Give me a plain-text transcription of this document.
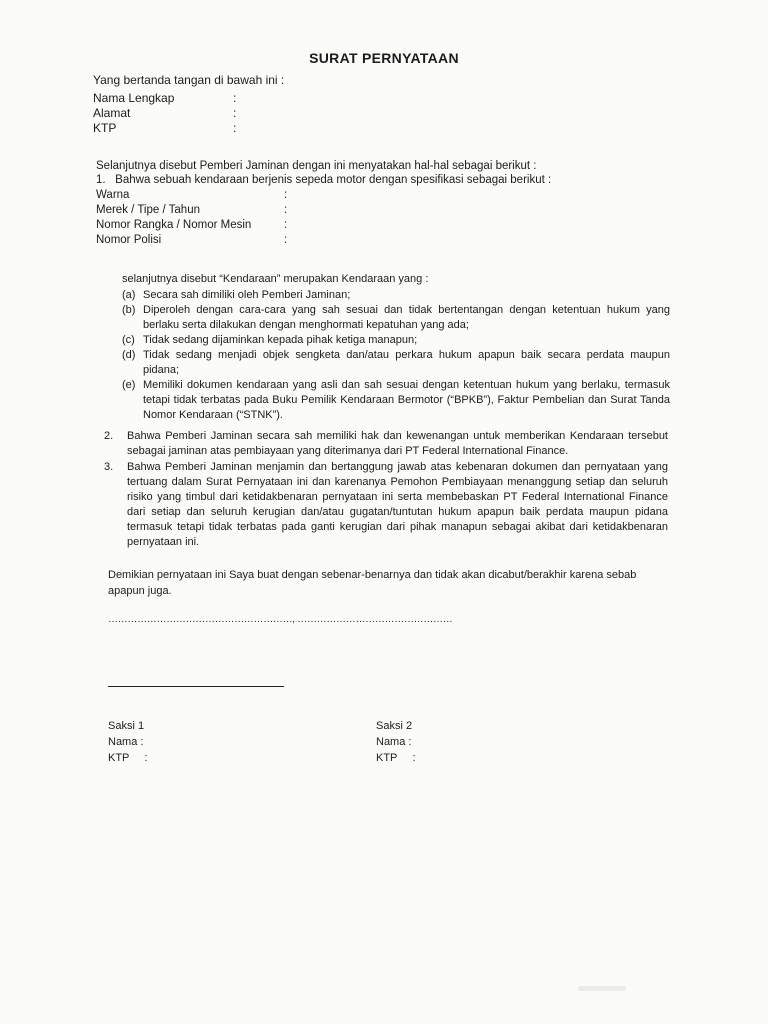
SURAT PERNYATAAN
Yang bertanda tangan di bawah ini :
Nama Lengkap	:
Alamat	:
KTP	:
Selanjutnya disebut Pemberi Jaminan dengan ini menyatakan hal-hal sebagai berikut :
1.   Bahwa sebuah kendaraan berjenis sepeda motor dengan spesifikasi sebagai berikut :
Warna	:
Merek / Tipe / Tahun	:
Nomor Rangka / Nomor Mesin	:
Nomor Polisi	:
selanjutnya disebut “Kendaraan” merupakan Kendaraan yang :
(a) Secara sah dimiliki oleh Pemberi Jaminan;
(b) Diperoleh dengan cara-cara yang sah sesuai dan tidak bertentangan dengan ketentuan hukum yang berlaku serta dilakukan dengan menghormati kepatuhan yang ada;
(c) Tidak sedang dijaminkan kepada pihak ketiga manapun;
(d) Tidak sedang menjadi objek sengketa dan/atau perkara hukum apapun baik secara perdata maupun pidana;
(e) Memiliki dokumen kendaraan yang asli dan sah sesuai dengan ketentuan hukum yang berlaku, termasuk tetapi tidak terbatas pada Buku Pemilik Kendaraan Bermotor (“BPKB”), Faktur Pembelian dan Surat Tanda Nomor Kendaraan (“STNK”).
2.	Bahwa Pemberi Jaminan secara sah memiliki hak dan kewenangan untuk memberikan Kendaraan tersebut sebagai jaminan atas pembiayaan yang diterimanya dari PT Federal International Finance.
3.	Bahwa Pemberi Jaminan menjamin dan bertanggung jawab atas kebenaran dokumen dan pernyataan yang tertuang dalam Surat Pernyataan ini dan karenanya Pemohon Pembiayaan menanggung setiap dan seluruh risiko yang timbul dari ketidakbenaran pernyataan ini serta membebaskan PT Federal International Finance dari setiap dan seluruh kerugian dan/atau gugatan/tuntutan hukum apapun baik perdata maupun pidana termasuk tetapi tidak terbatas pada ganti kerugian dari pihak manapun sebagai akibat dari ketidakbenaran pernyataan ini.
Demikian pernyataan ini Saya buat dengan sebenar-benarnya dan tidak akan dicabut/berakhir karena sebab apapun juga.
…………………………………………………, …………………………………………
Saksi 1
Nama :
KTP     :
Saksi 2
Nama :
KTP     :
